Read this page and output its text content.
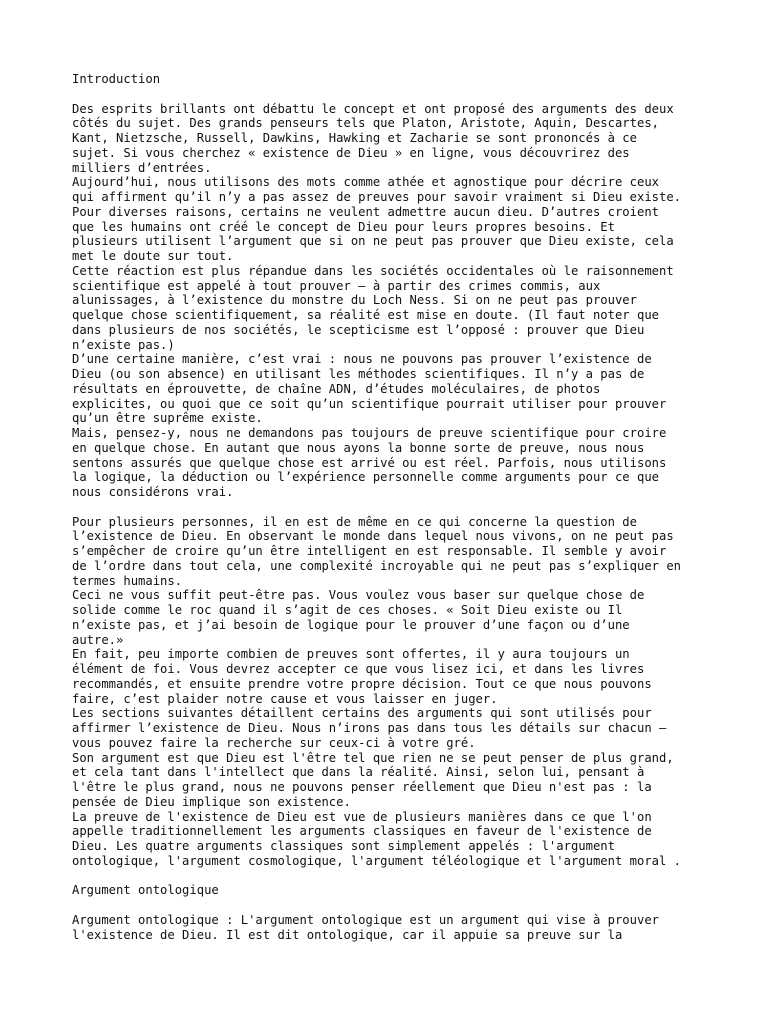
Introduction

Des esprits brillants ont débattu le concept et ont proposé des arguments des deux

côtés du sujet. Des grands penseurs tels que Platon, Aristote, Aquin, Descartes,

Kant, Nietzsche, Russell, Dawkins, Hawking et Zacharie se sont prononcés à ce

sujet. Si vous cherchez « existence de Dieu » en ligne, vous découvrirez des

milliers d’entrées.

Aujourd’hui, nous utilisons des mots comme athée et agnostique pour décrire ceux

qui affirment qu’il n’y a pas assez de preuves pour savoir vraiment si Dieu existe.

Pour diverses raisons, certains ne veulent admettre aucun dieu. D’autres croient

que les humains ont créé le concept de Dieu pour leurs propres besoins. Et

plusieurs utilisent l’argument que si on ne peut pas prouver que Dieu existe, cela

met le doute sur tout.

Cette réaction est plus répandue dans les sociétés occidentales où le raisonnement

scientifique est appelé à tout prouver – à partir des crimes commis, aux

alunissages, à l’existence du monstre du Loch Ness. Si on ne peut pas prouver

quelque chose scientifiquement, sa réalité est mise en doute. (Il faut noter que

dans plusieurs de nos sociétés, le scepticisme est l’opposé : prouver que Dieu

n’existe pas.)

D’une certaine manière, c’est vrai : nous ne pouvons pas prouver l’existence de

Dieu (ou son absence) en utilisant les méthodes scientifiques. Il n’y a pas de

résultats en éprouvette, de chaîne ADN, d’études moléculaires, de photos

explicites, ou quoi que ce soit qu’un scientifique pourrait utiliser pour prouver

qu’un être suprême existe.

Mais, pensez-y, nous ne demandons pas toujours de preuve scientifique pour croire

en quelque chose. En autant que nous ayons la bonne sorte de preuve, nous nous

sentons assurés que quelque chose est arrivé ou est réel. Parfois, nous utilisons

la logique, la déduction ou l’expérience personnelle comme arguments pour ce que

nous considérons vrai.

Pour plusieurs personnes, il en est de même en ce qui concerne la question de

l’existence de Dieu. En observant le monde dans lequel nous vivons, on ne peut pas

s’empêcher de croire qu’un être intelligent en est responsable. Il semble y avoir

de l’ordre dans tout cela, une complexité incroyable qui ne peut pas s’expliquer en

termes humains.

Ceci ne vous suffit peut-être pas. Vous voulez vous baser sur quelque chose de

solide comme le roc quand il s’agit de ces choses. « Soit Dieu existe ou Il

n’existe pas, et j’ai besoin de logique pour le prouver d’une façon ou d’une

autre.»

En fait, peu importe combien de preuves sont offertes, il y aura toujours un

élément de foi. Vous devrez accepter ce que vous lisez ici, et dans les livres

recommandés, et ensuite prendre votre propre décision. Tout ce que nous pouvons

faire, c’est plaider notre cause et vous laisser en juger.

Les sections suivantes détaillent certains des arguments qui sont utilisés pour

affirmer l’existence de Dieu. Nous n’irons pas dans tous les détails sur chacun –

vous pouvez faire la recherche sur ceux-ci à votre gré.

Son argument est que Dieu est l'être tel que rien ne se peut penser de plus grand,

et cela tant dans l'intellect que dans la réalité. Ainsi, selon lui, pensant à

l'être le plus grand, nous ne pouvons penser réellement que Dieu n'est pas : la

pensée de Dieu implique son existence.

La preuve de l'existence de Dieu est vue de plusieurs manières dans ce que l'on

appelle traditionnellement les arguments classiques en faveur de l'existence de

Dieu. Les quatre arguments classiques sont simplement appelés : l'argument

ontologique, l'argument cosmologique, l'argument téléologique et l'argument moral .

Argument ontologique

Argument ontologique : L'argument ontologique est un argument qui vise à prouver

l'existence de Dieu. Il est dit ontologique, car il appuie sa preuve sur la
